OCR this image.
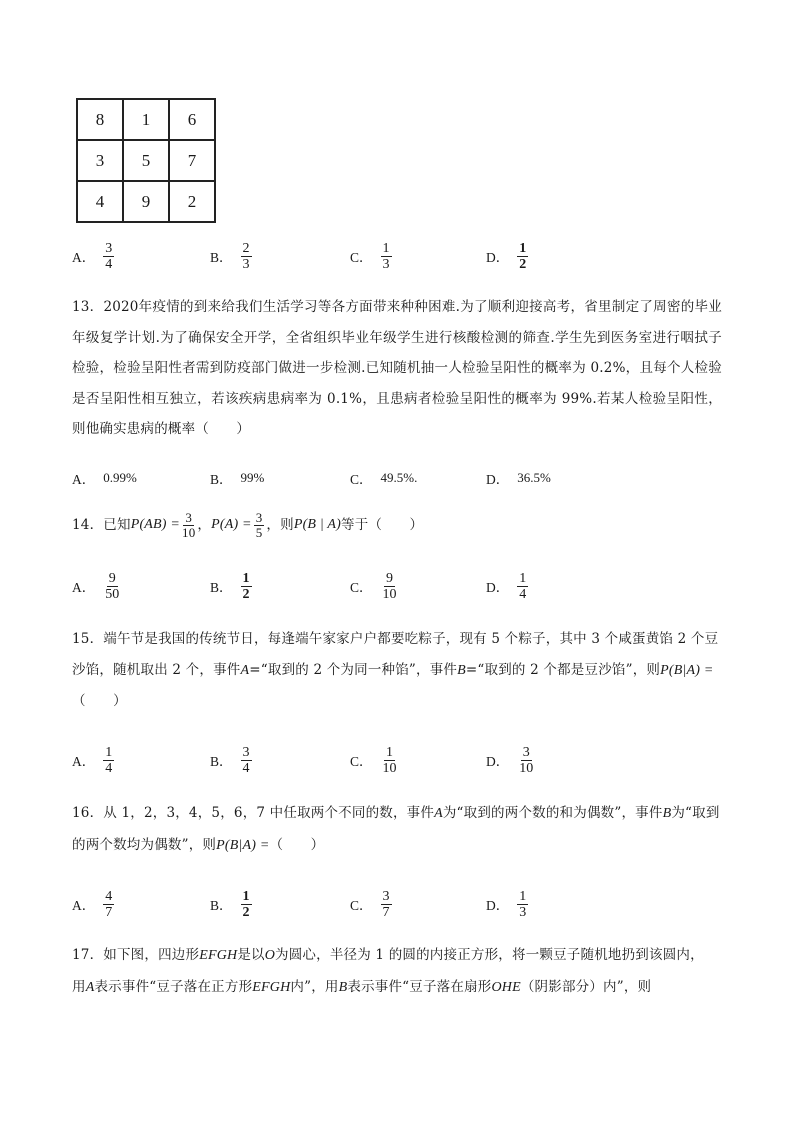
8	1	6
3	5	7
4	9	2
A． $\frac{3}{4}$	B． $\frac{2}{3}$	C． $\frac{1}{3}$	D． $\frac{1}{2}$
13．2020年疫情的到来给我们生活学习等各方面带来种种困难.为了顺利迎接高考，省里制定了周密的毕业年级复学计划.为了确保安全开学，全省组织毕业年级学生进行核酸检测的筛查.学生先到医务室进行咽拭子检验，检验呈阳性者需到防疫部门做进一步检测.已知随机抽一人检验呈阳性的概率为 0.2%，且每个人检验是否呈阳性相互独立，若该疾病患病率为 0.1%，且患病者检验呈阳性的概率为 99%.若某人检验呈阳性，则他确实患病的概率（　　）
A． 0.99%	B． 99%	C． 49.5%.	D． 36.5%
14．已知 $P(AB) = \frac{3}{10}$ ， $P(A) = \frac{3}{5}$ ，则 P(B | A) 等于（　　）
A． $\frac{9}{50}$	B． $\frac{1}{2}$	C． $\frac{9}{10}$	D． $\frac{1}{4}$
15．端午节是我国的传统节日，每逢端午家家户户都要吃粽子，现有 5 个粽子，其中 3 个咸蛋黄馅 2 个豆
沙馅，随机取出 2 个，事件A=“取到的 2 个为同一种馅”，事件B=“取到的 2 个都是豆沙馅”，则P(B|A) =
（　　）
A． $\frac{1}{4}$	B． $\frac{3}{4}$	C． $\frac{1}{10}$	D． $\frac{3}{10}$
16．从 1，2，3，4，5，6，7 中任取两个不同的数，事件A为“取到的两个数的和为偶数”，事件B为“取到
的两个数均为偶数”，则P(B|A) =（　　）
A． $\frac{4}{7}$	B． $\frac{1}{2}$	C． $\frac{3}{7}$	D． $\frac{1}{3}$
17．如下图，四边形EFGH是以O为圆心，半径为 1 的圆的内接正方形，将一颗豆子随机地扔到该圆内，
用A表示事件“豆子落在正方形EFGH内”，用B表示事件“豆子落在扇形OHE（阴影部分）内”，则
